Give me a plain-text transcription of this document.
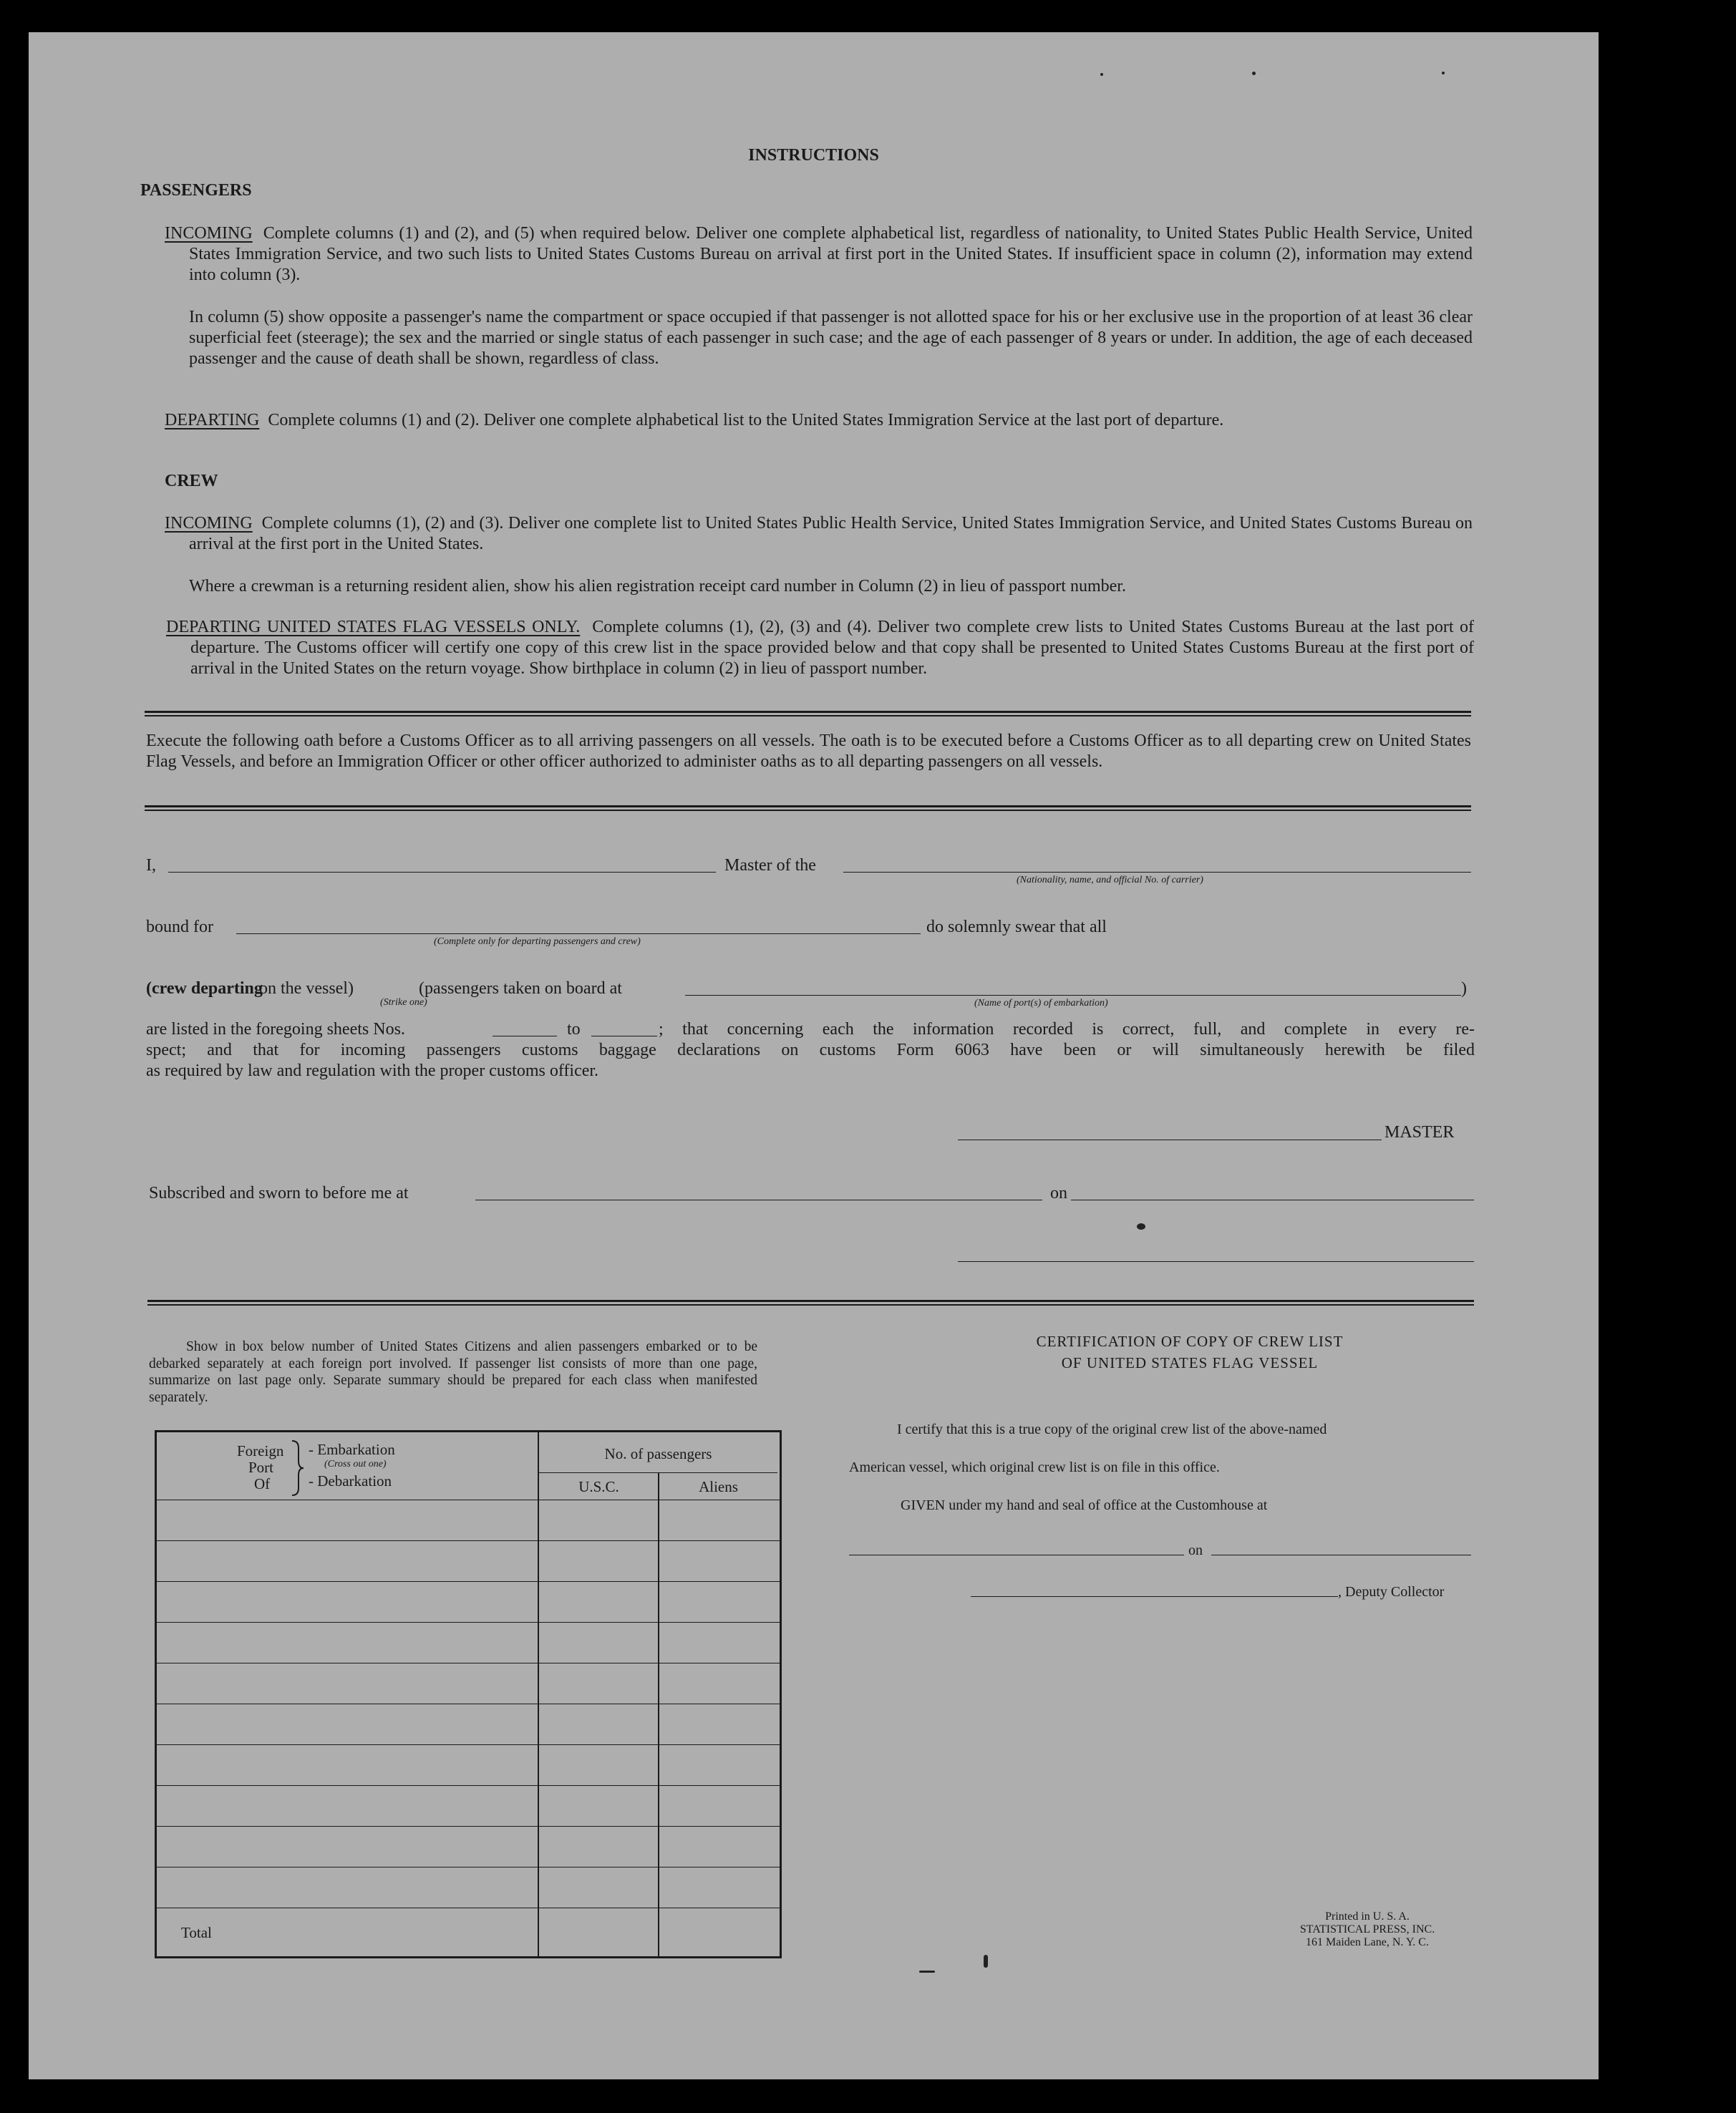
INSTRUCTIONS
PASSENGERS
INCOMING Complete columns (1) and (2), and (5) when required below. Deliver one complete alphabetical list, regardless of nationality, to United States Public Health Service, United States Immigration Service, and two such lists to United States Customs Bureau on arrival at first port in the United States. If insufficient space in column (2), information may extend into column (3).
In column (5) show opposite a passenger's name the compartment or space occupied if that passenger is not allotted space for his or her exclusive use in the proportion of at least 36 clear superficial feet (steerage); the sex and the married or single status of each passenger in such case; and the age of each passenger of 8 years or under. In addition, the age of each deceased passenger and the cause of death shall be shown, regardless of class.
DEPARTING Complete columns (1) and (2). Deliver one complete alphabetical list to the United States Immigration Service at the last port of departure.
CREW
INCOMING Complete columns (1), (2) and (3). Deliver one complete list to United States Public Health Service, United States Immigration Service, and United States Customs Bureau on arrival at the first port in the United States.
Where a crewman is a returning resident alien, show his alien registration receipt card number in Column (2) in lieu of passport number.
DEPARTING UNITED STATES FLAG VESSELS ONLY. Complete columns (1), (2), (3) and (4). Deliver two complete crew lists to United States Customs Bureau at the last port of departure. The Customs officer will certify one copy of this crew list in the space provided below and that copy shall be presented to United States Customs Bureau at the first port of arrival in the United States on the return voyage. Show birthplace in column (2) in lieu of passport number.
Execute the following oath before a Customs Officer as to all arriving passengers on all vessels. The oath is to be executed before a Customs Officer as to all departing crew on United States Flag Vessels, and before an Immigration Officer or other officer authorized to administer oaths as to all departing passengers on all vessels.
I,	Master of the
(Nationality, name, and official No. of carrier)
bound for
(Complete only for departing passengers and crew)
do solemnly swear that all
(crew departing
on the vessel)
(Strike one)
(passengers taken on board at	)
(Name of port(s) of embarkation)
are listed in the foregoing sheets Nos.	to	; that concerning each the information recorded is correct, full, and complete in every re-
spect; and that for incoming passengers customs baggage declarations on customs Form 6063 have been or will simultaneously herewith be filed
as required by law and regulation with the proper customs officer.
MASTER
Subscribed and sworn to before me at	on
Show in box below number of United States Citizens and alien passengers embarked or to be debarked separately at each foreign port involved. If passenger list consists of more than one page, summarize on last page only. Separate summary should be prepared for each class when manifested separately.
Foreign
Port
Of
- Embarkation
(Cross out one)
- Debarkation
No. of passengers
U.S.C.	Aliens
Total
CERTIFICATION OF COPY OF CREW LIST
OF UNITED STATES FLAG VESSEL
I certify that this is a true copy of the original crew list of the above-named
American vessel, which original crew list is on file in this office.
GIVEN under my hand and seal of office at the Customhouse at
on
, Deputy Collector
Printed in U. S. A.
STATISTICAL PRESS, INC.
161 Maiden Lane, N. Y. C.
